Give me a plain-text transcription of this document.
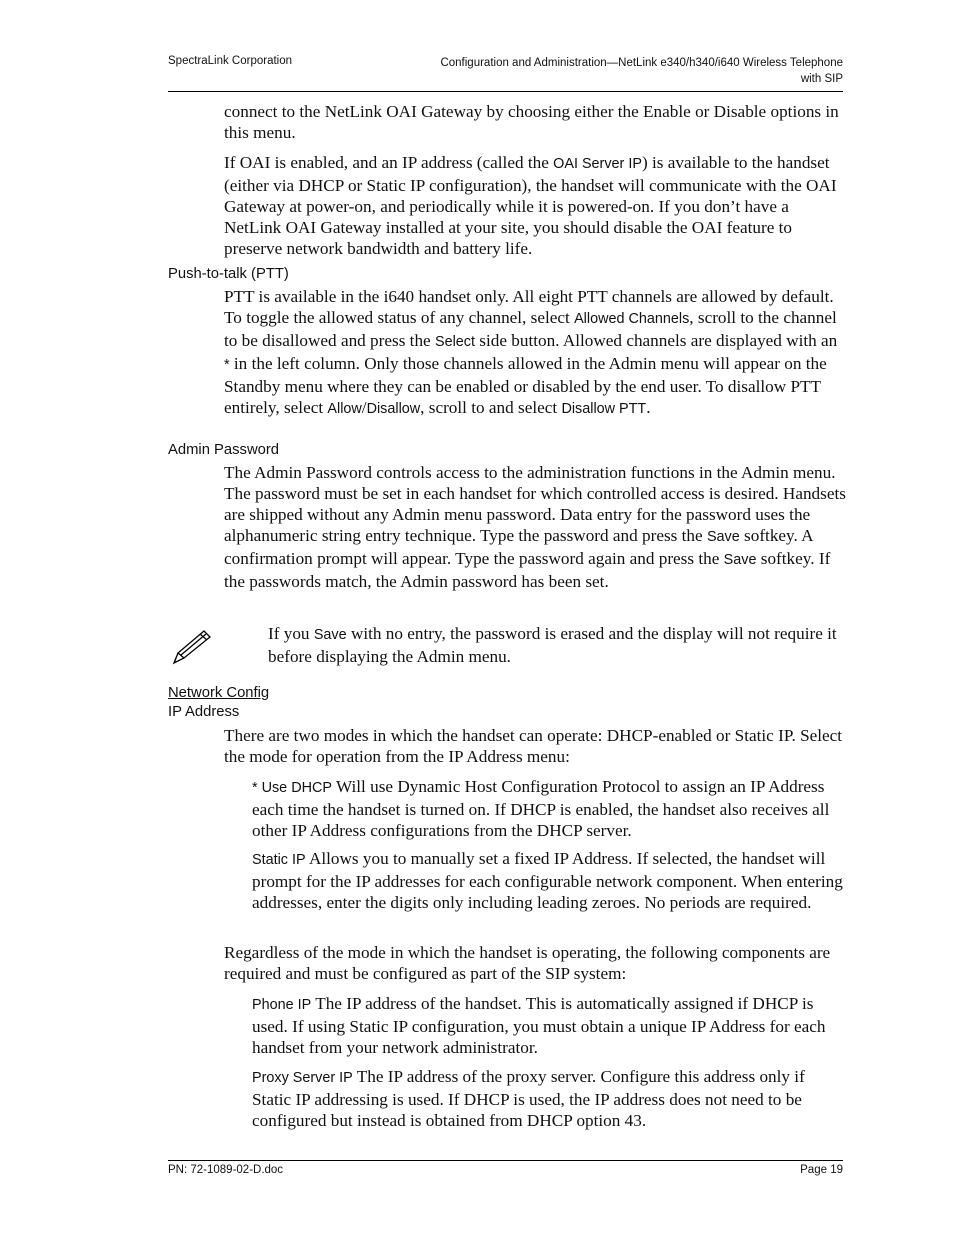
SpectraLink Corporation	Configuration and Administration—NetLink e340/h340/i640 Wireless Telephone
with SIP
connect to the NetLink OAI Gateway by choosing either the Enable or Disable options in this menu.
If OAI is enabled, and an IP address (called the OAI Server IP) is available to the handset (either via DHCP or Static IP configuration), the handset will communicate with the OAI Gateway at power-on, and periodically while it is powered-on. If you don’t have a NetLink OAI Gateway installed at your site, you should disable the OAI feature to preserve network bandwidth and battery life.
Push-to-talk (PTT)
PTT is available in the i640 handset only. All eight PTT channels are allowed by default. To toggle the allowed status of any channel, select Allowed Channels, scroll to the channel to be disallowed and press the Select side button. Allowed channels are displayed with an * in the left column. Only those channels allowed in the Admin menu will appear on the Standby menu where they can be enabled or disabled by the end user. To disallow PTT entirely, select Allow/Disallow, scroll to and select Disallow PTT.
Admin Password
The Admin Password controls access to the administration functions in the Admin menu. The password must be set in each handset for which controlled access is desired. Handsets are shipped without any Admin menu password. Data entry for the password uses the alphanumeric string entry technique. Type the password and press the Save softkey. A confirmation prompt will appear. Type the password again and press the Save softkey. If the passwords match, the Admin password has been set.
If you Save with no entry, the password is erased and the display will not require it before displaying the Admin menu.
Network Config
IP Address
There are two modes in which the handset can operate: DHCP-enabled or Static IP. Select the mode for operation from the IP Address menu:
* Use DHCP Will use Dynamic Host Configuration Protocol to assign an IP Address each time the handset is turned on. If DHCP is enabled, the handset also receives all other IP Address configurations from the DHCP server.
Static IP Allows you to manually set a fixed IP Address. If selected, the handset will prompt for the IP addresses for each configurable network component. When entering addresses, enter the digits only including leading zeroes. No periods are required.
Regardless of the mode in which the handset is operating, the following components are required and must be configured as part of the SIP system:
Phone IP The IP address of the handset. This is automatically assigned if DHCP is used. If using Static IP configuration, you must obtain a unique IP Address for each handset from your network administrator.
Proxy Server IP The IP address of the proxy server. Configure this address only if Static IP addressing is used. If DHCP is used, the IP address does not need to be configured but instead is obtained from DHCP option 43.
PN: 72-1089-02-D.doc	Page 19
